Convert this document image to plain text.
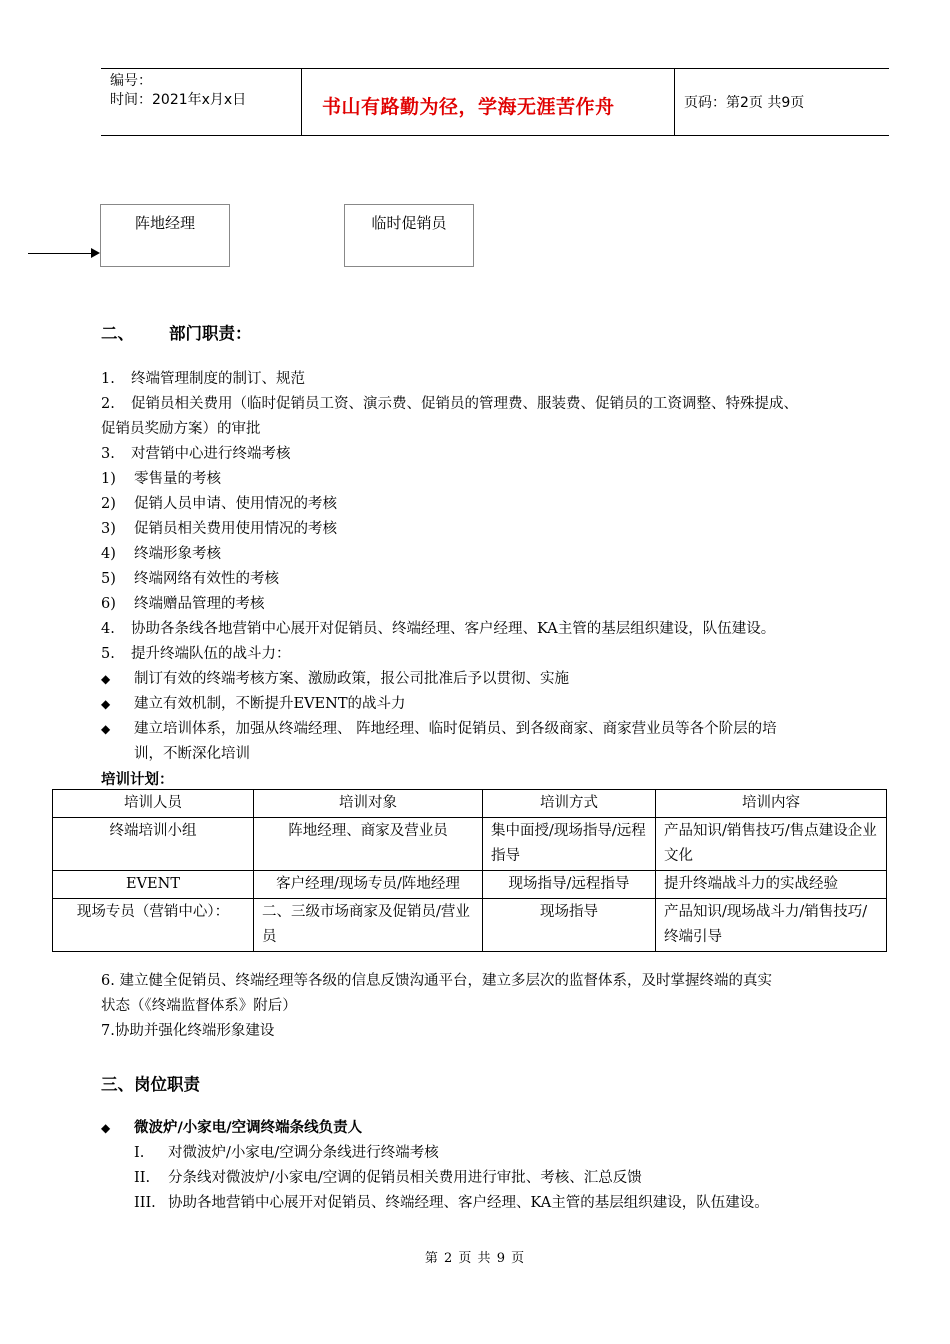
编号：
时间：2021年x月x日	书山有路勤为径，学海无涯苦作舟	页码：第2页 共9页
阵地经理	临时促销员
二、 部门职责：
1. 终端管理制度的制订、规范
2. 促销员相关费用（临时促销员工资、演示费、促销员的管理费、服装费、促销员的工资调整、特殊提成、
促销员奖励方案）的审批
3. 对营销中心进行终端考核
1) 零售量的考核
2) 促销人员申请、使用情况的考核
3) 促销员相关费用使用情况的考核
4) 终端形象考核
5) 终端网络有效性的考核
6) 终端赠品管理的考核
4. 协助各条线各地营销中心展开对促销员、终端经理、客户经理、KA主管的基层组织建设，队伍建设。
5. 提升终端队伍的战斗力：
◆ 制订有效的终端考核方案、激励政策，报公司批准后予以贯彻、实施
◆ 建立有效机制，不断提升EVENT的战斗力
◆ 建立培训体系，加强从终端经理、 阵地经理、临时促销员、到各级商家、商家营业员等各个阶层的培
训，不断深化培训
培训计划：
培训人员	培训对象	培训方式	培训内容
终端培训小组	阵地经理、商家及营业员	集中面授/现场指导/远程指导	产品知识/销售技巧/售点建设企业文化
EVENT	客户经理/现场专员/阵地经理	现场指导/远程指导	提升终端战斗力的实战经验
现场专员（营销中心）：	二、三级市场商家及促销员/营业员	现场指导	产品知识/现场战斗力/销售技巧/终端引导
6. 建立健全促销员、终端经理等各级的信息反馈沟通平台，建立多层次的监督体系，及时掌握终端的真实
状态（《终端监督体系》附后）
7.协助并强化终端形象建设
三、岗位职责
◆ 微波炉/小家电/空调终端条线负责人
I. 对微波炉/小家电/空调分条线进行终端考核
II. 分条线对微波炉/小家电/空调的促销员相关费用进行审批、考核、汇总反馈
III. 协助各地营销中心展开对促销员、终端经理、客户经理、KA主管的基层组织建设，队伍建设。
第 2 页 共 9 页
